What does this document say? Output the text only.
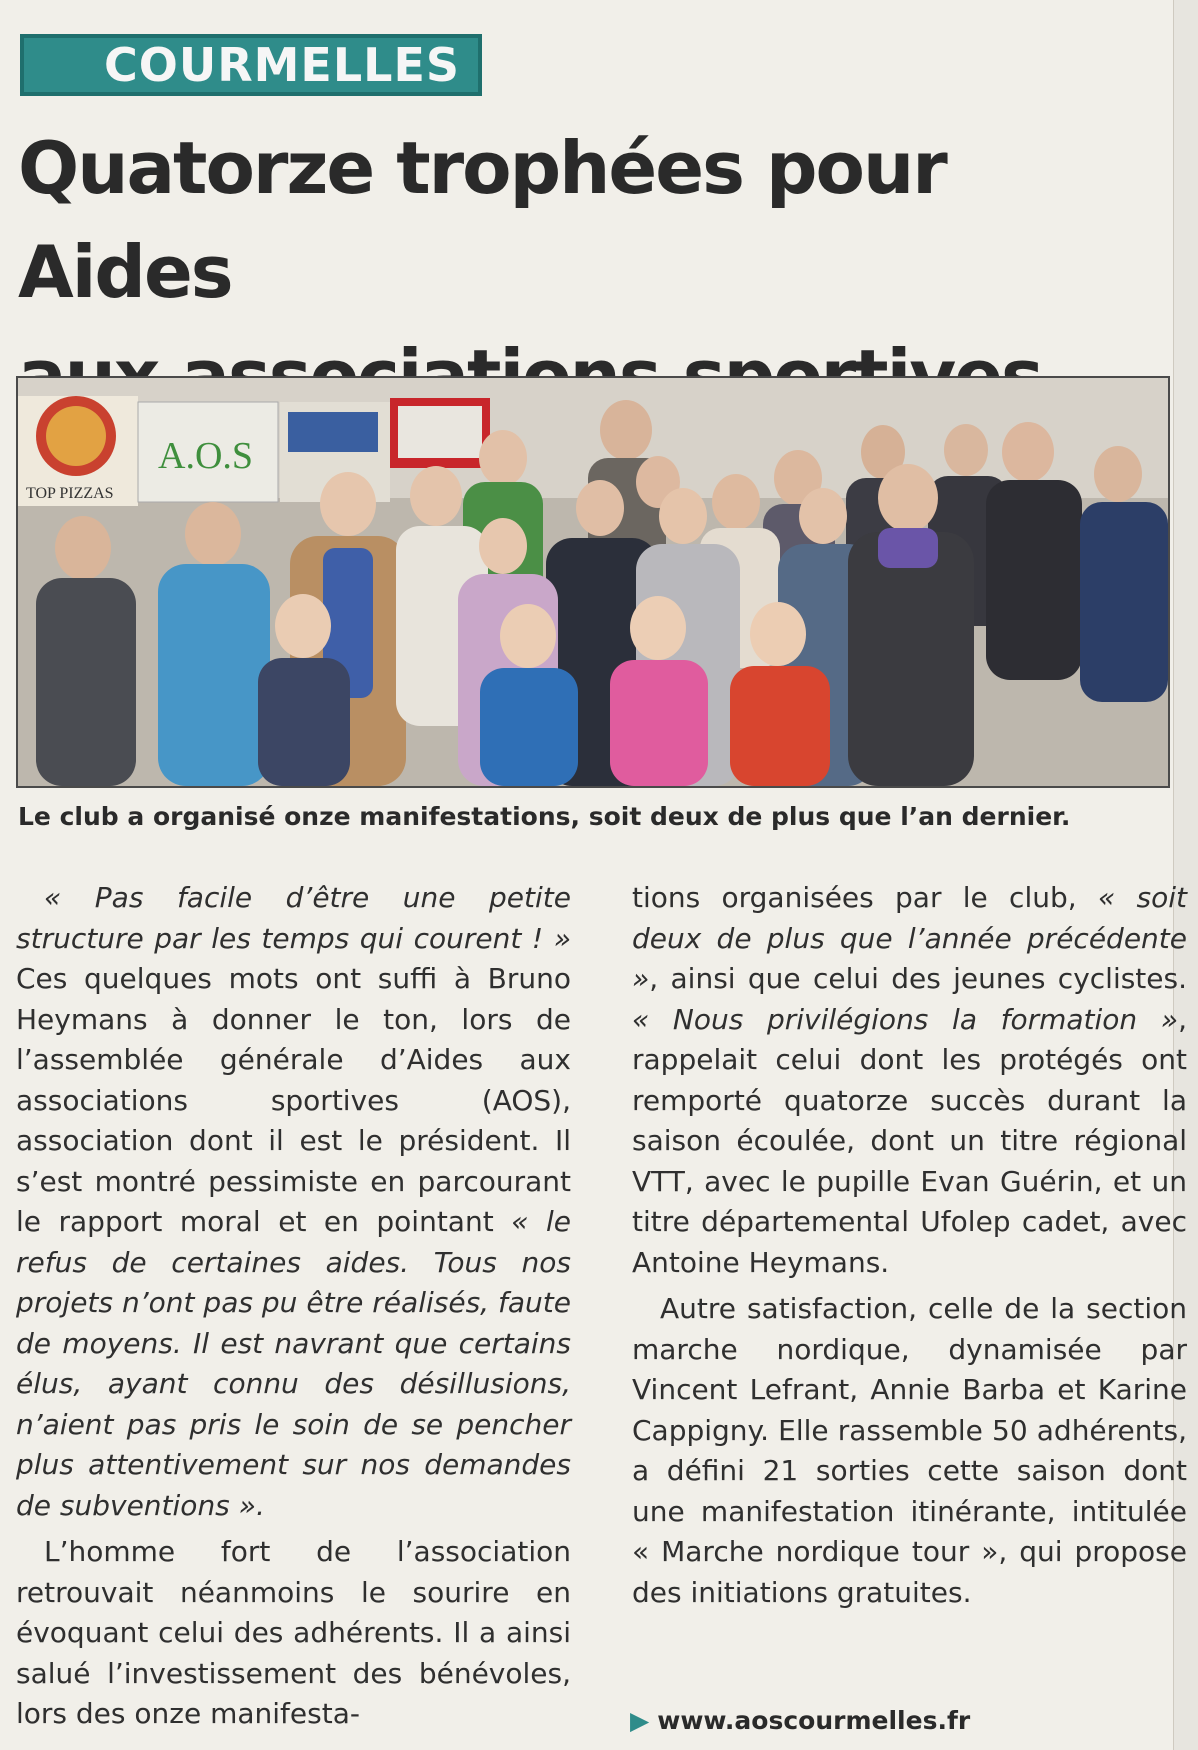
COURMELLES
Quatorze trophées pour Aides

TOP PIZZAS
A.O.S
Le club a organisé onze manifestations, soit deux de plus que l’an dernier.

« Pas facile d’être une petite structure par les temps qui courent ! » Ces quelques mots ont suffi à Bruno Heymans à donner le ton, lors de l’assemblée générale d’Aides aux associations sportives (AOS), association dont il est le président. Il s’est montré pessimiste en parcourant le rapport moral et en pointant « le refus de certaines aides. Tous nos projets n’ont pas pu être réalisés, faute de moyens. Il est navrant que certains élus, ayant connu des désillusions, n’aient pas pris le soin de se pencher plus attentivement sur nos demandes de subventions ».

L’homme fort de l’association retrouvait néanmoins le sourire en évoquant celui des adhérents. Il a ainsi salué l’investissement des bénévoles, lors des onze manifesta-

tions organisées par le club, « soit deux de plus que l’année précédente », ainsi que celui des jeunes cyclistes. « Nous privilégions la formation », rappelait celui dont les protégés ont remporté quatorze succès durant la saison écoulée, dont un titre régional VTT, avec le pupille Evan Guérin, et un titre départemental Ufolep cadet, avec Antoine Heymans.

Autre satisfaction, celle de la section marche nordique, dynamisée par Vincent Lefrant, Annie Barba et Karine Cappigny. Elle rassemble 50 adhérents, a défini 21 sorties cette saison dont une manifestation itinérante, intitulée « Marche nordique tour », qui propose des initiations gratuites.

▶ www.aoscourmelles.fr
